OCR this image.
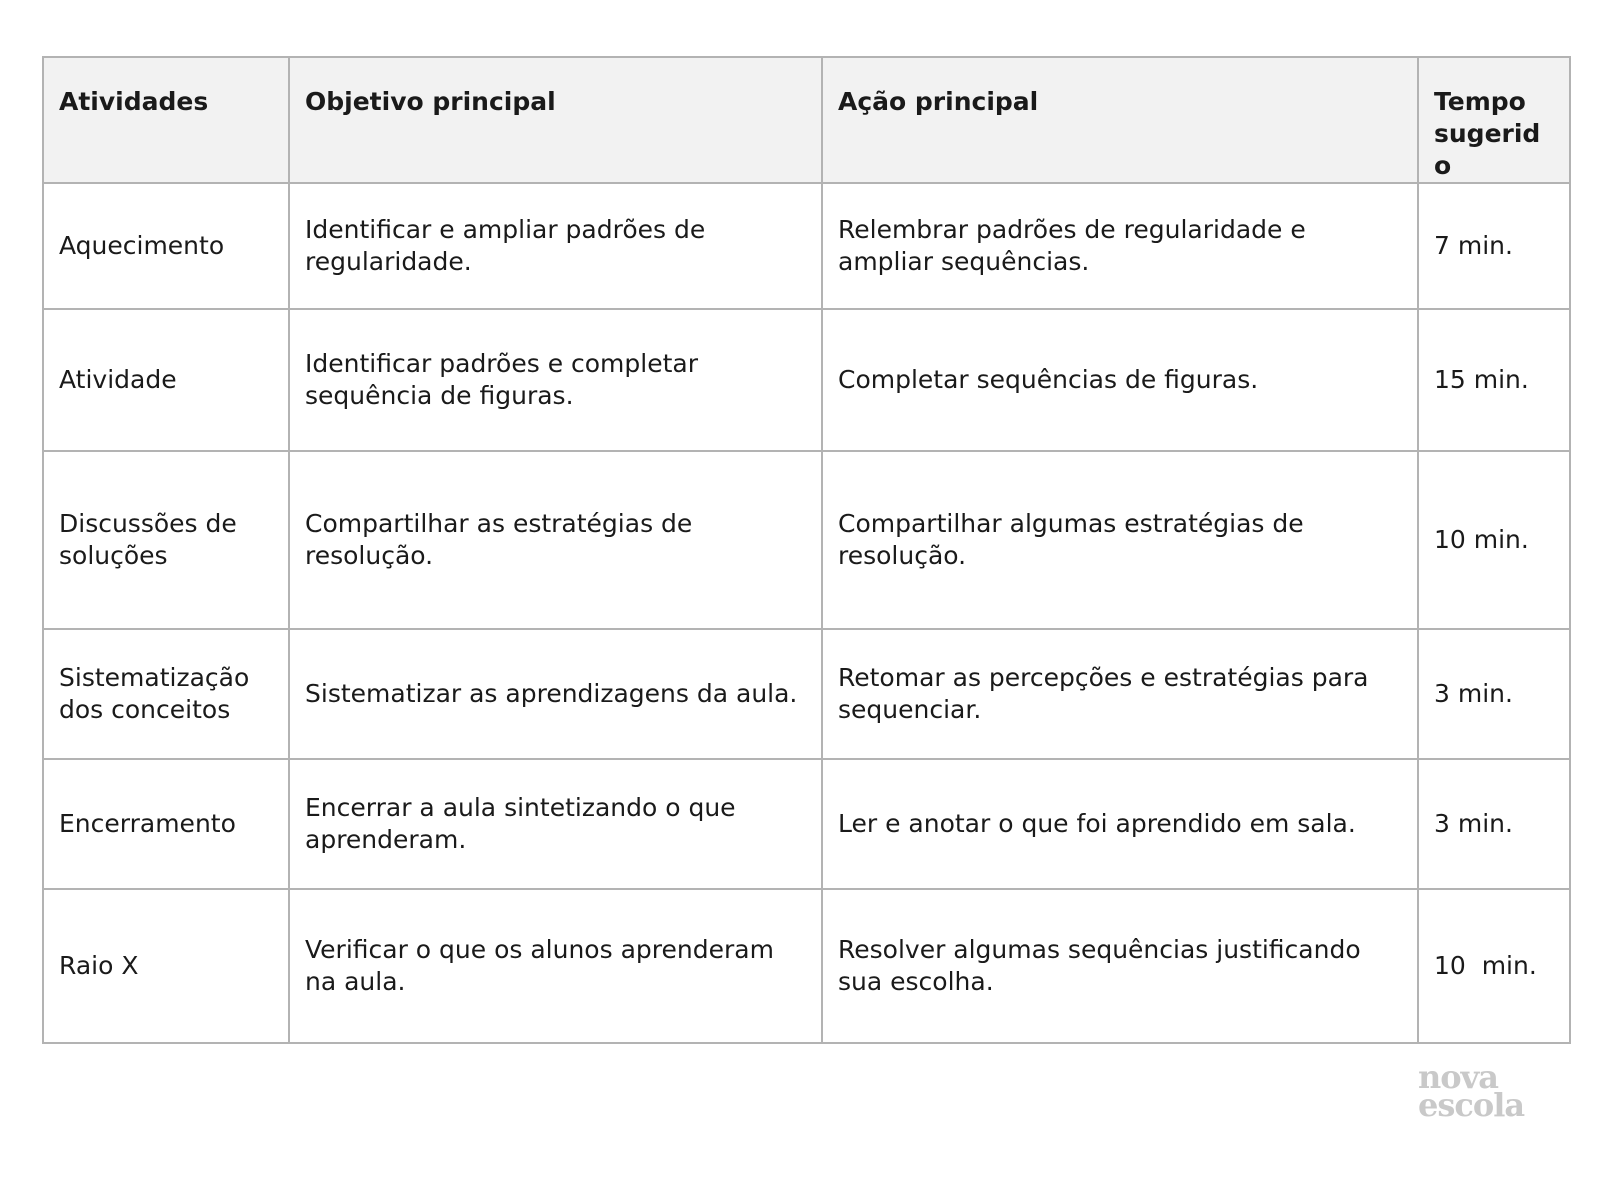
Atividades	Objetivo principal	Ação principal	Tempo sugerido
Aquecimento	Identificar e ampliar padrões de regularidade.	Relembrar padrões de regularidade e ampliar sequências.	7 min.
Atividade	Identificar padrões e completar sequência de figuras.	Completar sequências de figuras.	15 min.
Discussões de soluções	Compartilhar as estratégias de resolução.	Compartilhar algumas estratégias de resolução.	10 min.
Sistematização dos conceitos	Sistematizar as aprendizagens da aula.	Retomar as percepções e estratégias para sequenciar.	3 min.
Encerramento	Encerrar a aula sintetizando o que aprenderam.	Ler e anotar o que foi aprendido em sala.	3 min.
Raio X	Verificar o que os alunos aprenderam na aula.	Resolver algumas sequências justificando sua escolha.	10  min.
nova
escola
